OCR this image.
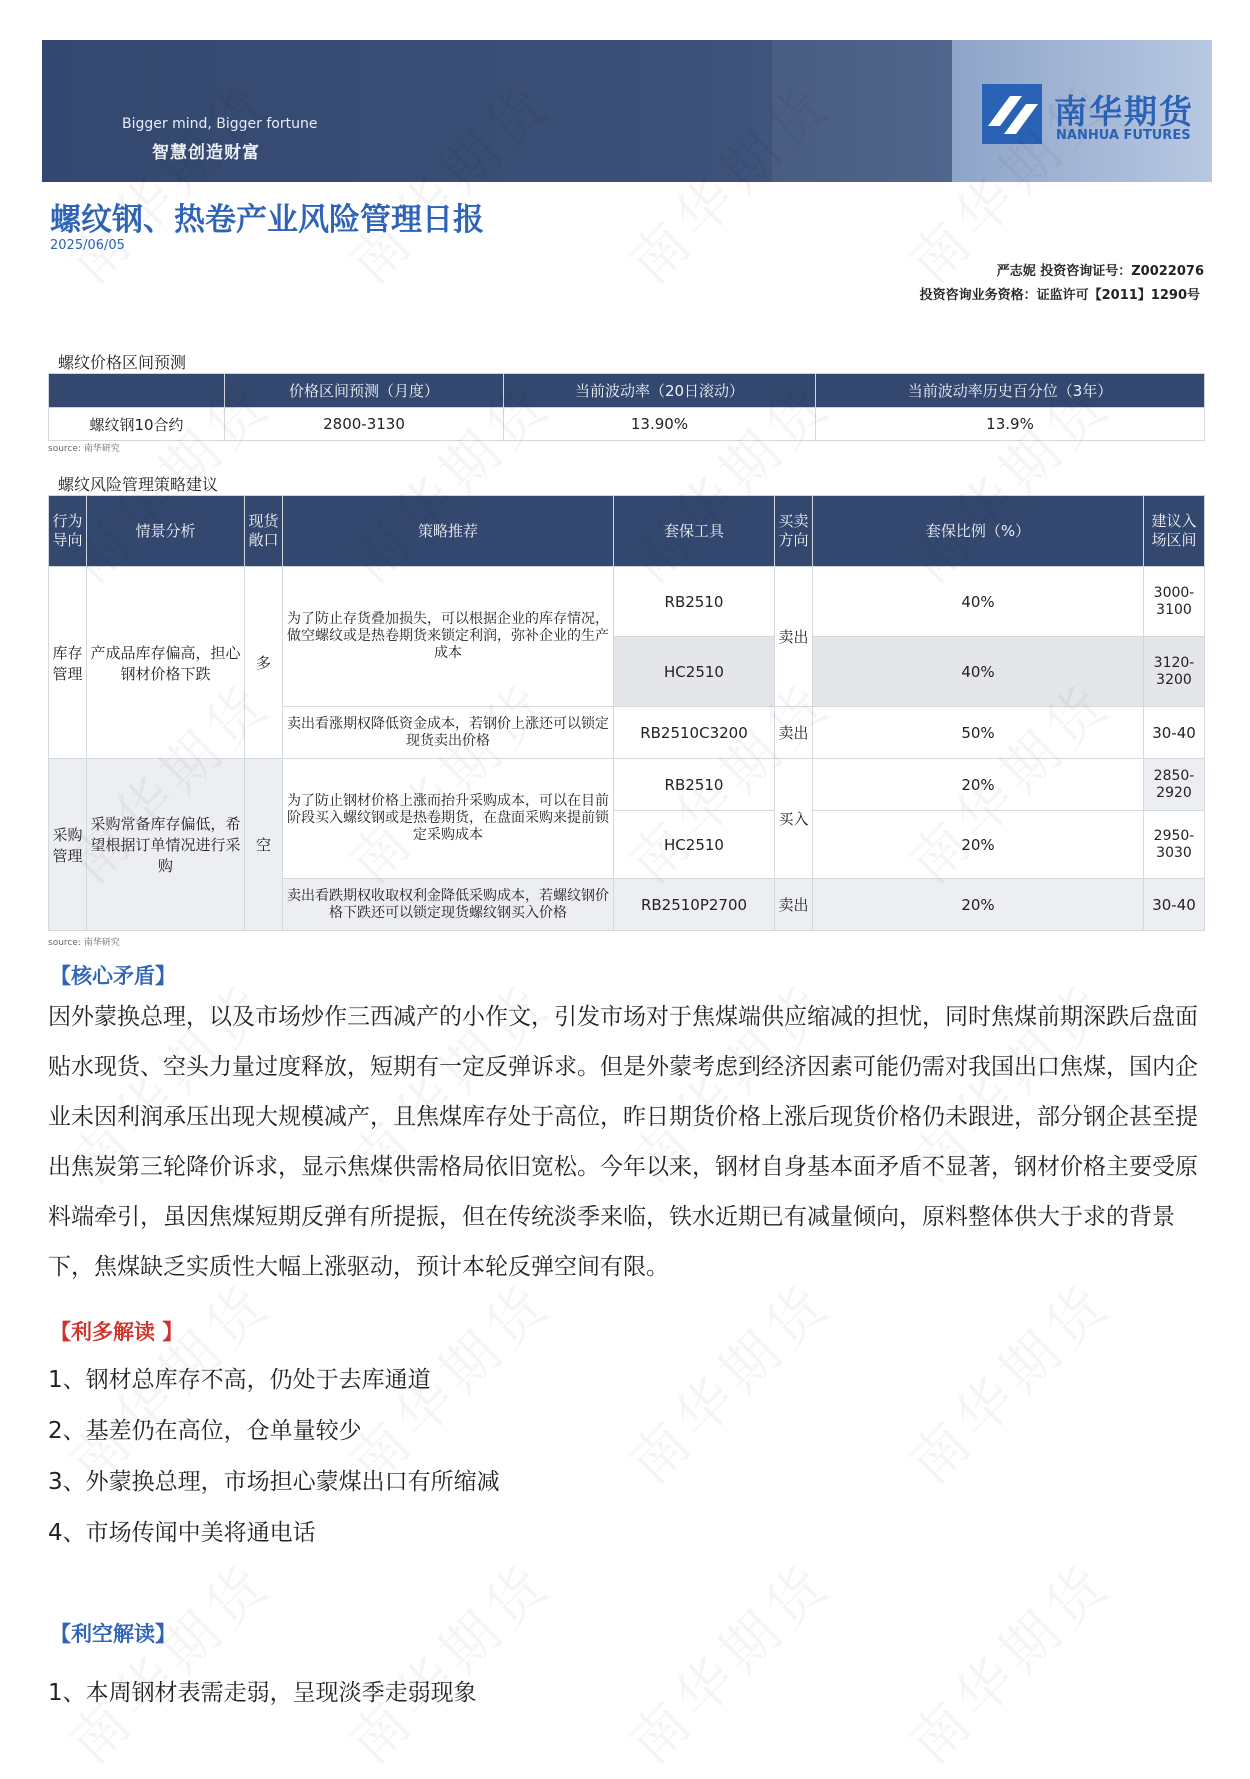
Bigger mind, Bigger fortune
智慧创造财富
南华期货
NANHUA FUTURES
螺纹钢、热卷产业风险管理日报
2025/06/05
严志妮 投资咨询证号：Z0022076
投资咨询业务资格：证监许可【2011】1290号
螺纹价格区间预测
	价格区间预测（月度）	当前波动率（20日滚动）	当前波动率历史百分位（3年）
螺纹钢10合约	2800-3130	13.90%	13.9%
source: 南华研究
螺纹风险管理策略建议
行为导向	情景分析	现货敞口	策略推荐	套保工具	买卖方向	套保比例（%）	建议入场区间
库存管理	产成品库存偏高，担心钢材价格下跌	多	为了防止存货叠加损失，可以根据企业的库存情况，做空螺纹或是热卷期货来锁定利润，弥补企业的生产成本	RB2510	卖出	40%	3000-3100
				HC2510		40%	3120-3200
			卖出看涨期权降低资金成本，若钢价上涨还可以锁定现货卖出价格	RB2510C3200	卖出	50%	30-40
采购管理	采购常备库存偏低，希望根据订单情况进行采购	空	为了防止钢材价格上涨而抬升采购成本，可以在目前阶段买入螺纹钢或是热卷期货，在盘面采购来提前锁定采购成本	RB2510	买入	20%	2850-2920
				HC2510		20%	2950-3030
			卖出看跌期权收取权利金降低采购成本，若螺纹钢价格下跌还可以锁定现货螺纹钢买入价格	RB2510P2700	卖出	20%	30-40
source: 南华研究
【核心矛盾】
因外蒙换总理，以及市场炒作三西减产的小作文，引发市场对于焦煤端供应缩减的担忧，同时焦煤前期深跌后盘面贴水现货、空头力量过度释放，短期有一定反弹诉求。但是外蒙考虑到经济因素可能仍需对我国出口焦煤，国内企业未因利润承压出现大规模减产，且焦煤库存处于高位，昨日期货价格上涨后现货价格仍未跟进，部分钢企甚至提出焦炭第三轮降价诉求，显示焦煤供需格局依旧宽松。今年以来，钢材自身基本面矛盾不显著，钢材价格主要受原料端牵引，虽因焦煤短期反弹有所提振，但在传统淡季来临，铁水近期已有减量倾向，原料整体供大于求的背景下，焦煤缺乏实质性大幅上涨驱动，预计本轮反弹空间有限。
【利多解读 】
1、钢材总库存不高，仍处于去库通道
2、基差仍在高位，仓单量较少
3、外蒙换总理，市场担心蒙煤出口有所缩减
4、市场传闻中美将通电话
【利空解读】
1、本周钢材表需走弱，呈现淡季走弱现象
